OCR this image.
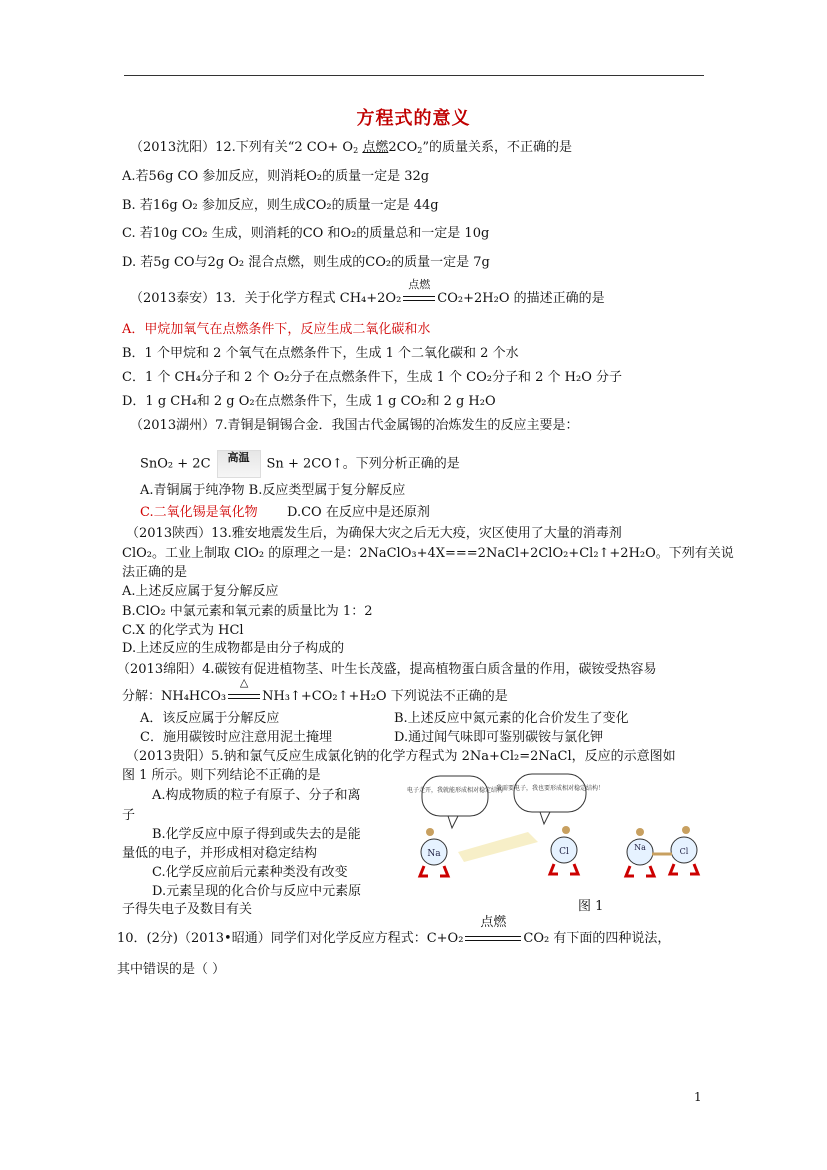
方程式的意义
（2013沈阳）12.下列有关“2 $CO+ O_2$ 点燃$2CO_2$”的质量关系，不正确的是
A.若56g CO 参加反应，则消耗O₂的质量一定是 32g
B. 若16g O₂ 参加反应，则生成CO₂的质量一定是 44g
C. 若10g CO₂ 生成，则消耗的CO 和O₂的质量总和一定是 10g
D. 若5g CO与2g O₂ 混合点燃，则生成的CO₂的质量一定是 7g
（2013泰安）13．关于化学方程式 CH₄+2O₂
点燃
CO₂+2H₂O 的描述正确的是
A．甲烷加氧气在点燃条件下，反应生成二氧化碳和水
B．1 个甲烷和 2 个氧气在点燃条件下，生成 1 个二氧化碳和 2 个水
C．1 个 CH₄分子和 2 个 O₂分子在点燃条件下，生成 1 个 CO₂分子和 2 个 H₂O 分子
D．1 g CH₄和 2 g O₂在点燃条件下，生成 1 g CO₂和 2 g H₂O
（2013湖州）7.青铜是铜锡合金．我国古代金属锡的冶炼发生的反应主要是：
SnO₂ + 2C 高温 Sn + 2CO↑。下列分析正确的是
A.青铜属于纯净物 B.反应类型属于复分解反应
C.二氧化锡是氧化物 D.CO 在反应中是还原剂
（2013陕西）13.雅安地震发生后，为确保大灾之后无大疫，灾区使用了大量的消毒剂
ClO₂。工业上制取 ClO₂ 的原理之一是：2NaClO₃+4X===2NaCl+2ClO₂+Cl₂↑+2H₂O。下列有关说
法正确的是
A.上述反应属于复分解反应
B.ClO₂ 中氯元素和氧元素的质量比为 1：2
C.X 的化学式为 HCl
D.上述反应的生成物都是由分子构成的
（2013绵阳）4.碳铵有促进植物茎、叶生长茂盛，提高植物蛋白质含量的作用，碳铵受热容易
分解：NH₄HCO₃
△
NH₃↑+CO₂↑+H₂O 下列说法不正确的是
A．该反应属于分解反应	B.上述反应中氮元素的化合价发生了变化
C．施用碳铵时应注意用泥土掩埋	D.通过闻气味即可鉴别碳铵与氯化钾
（2013贵阳）5.钠和氯气反应生成氯化钠的化学方程式为 2Na+Cl₂=2NaCl，反应的示意图如
图 1 所示。则下列结论不正确的是
A.构成物质的粒子有原子、分子和离
子
B.化学反应中原子得到或失去的是能
量低的电子，并形成相对稳定结构
C.化学反应前后元素种类没有改变
D.元素呈现的化合价与反应中元素原
子得失电子及数目有关
电子走开，我就能形成相对稳定结构
我需要电子，我也要形成相对稳定结构！
Na	Cl	Na	Cl
图 1
10．(2分)（2013•昭通）同学们对化学反应方程式：C+O₂
点燃
CO₂ 有下面的四种说法，
其中错误的是（ ）
1
